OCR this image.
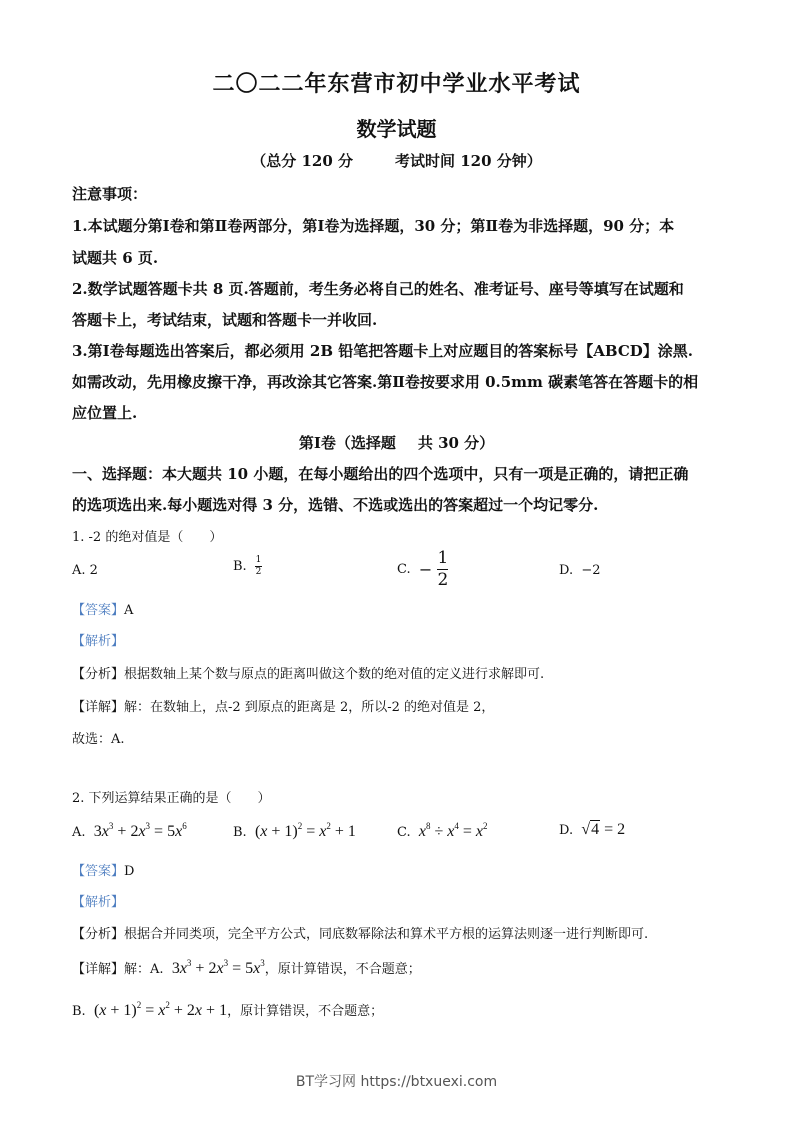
二〇二二年东营市初中学业水平考试
数学试题
（总分 120 分	考试时间 120 分钟）
注意事项：
1.本试题分第Ⅰ卷和第Ⅱ卷两部分，第Ⅰ卷为选择题，30 分；第Ⅱ卷为非选择题，90 分；本
试题共 6 页.
2.数学试题答题卡共 8 页.答题前，考生务必将自己的姓名、准考证号、座号等填写在试题和
答题卡上，考试结束，试题和答题卡一并收回.
3.第Ⅰ卷每题选出答案后，都必须用 2B 铅笔把答题卡上对应题目的答案标号【ABCD】涂黑.
如需改动，先用橡皮擦干净，再改涂其它答案.第Ⅱ卷按要求用 0.5mm 碳素笔答在答题卡的相
应位置上.
第Ⅰ卷（选择题 共 30 分）
一、选择题：本大题共 10 小题，在每小题给出的四个选项中，只有一项是正确的，请把正确
的选项选出来.每小题选对得 3 分，选错、不选或选出的答案超过一个均记零分.
1. -2 的绝对值是（　　）
A. 2	B. $\frac{1}{2}$	C. − $\frac{1}{2}$	D. −2
【答案】A
【解析】
【分析】根据数轴上某个数与原点的距离叫做这个数的绝对值的定义进行求解即可.
【详解】解：在数轴上，点-2 到原点的距离是 2，所以-2 的绝对值是 2，
故选：A.
2. 下列运算结果正确的是（　　）
A. $3x^3 + 2x^3 = 5x^6$	B. $(x + 1)^2 = x^2 + 1$	C. $x^8 \div x^4 = x^2$	D. √4 = 2
【答案】D
【解析】
【分析】根据合并同类项，完全平方公式，同底数幂除法和算术平方根的运算法则逐一进行判断即可.
【详解】解：A. $3x^3 + 2x^3 = 5x^3$，原计算错误，不合题意；
B. $(x + 1)^2 = x^2 + 2x + 1$，原计算错误，不合题意；
BT学习网 https://btxuexi.com
